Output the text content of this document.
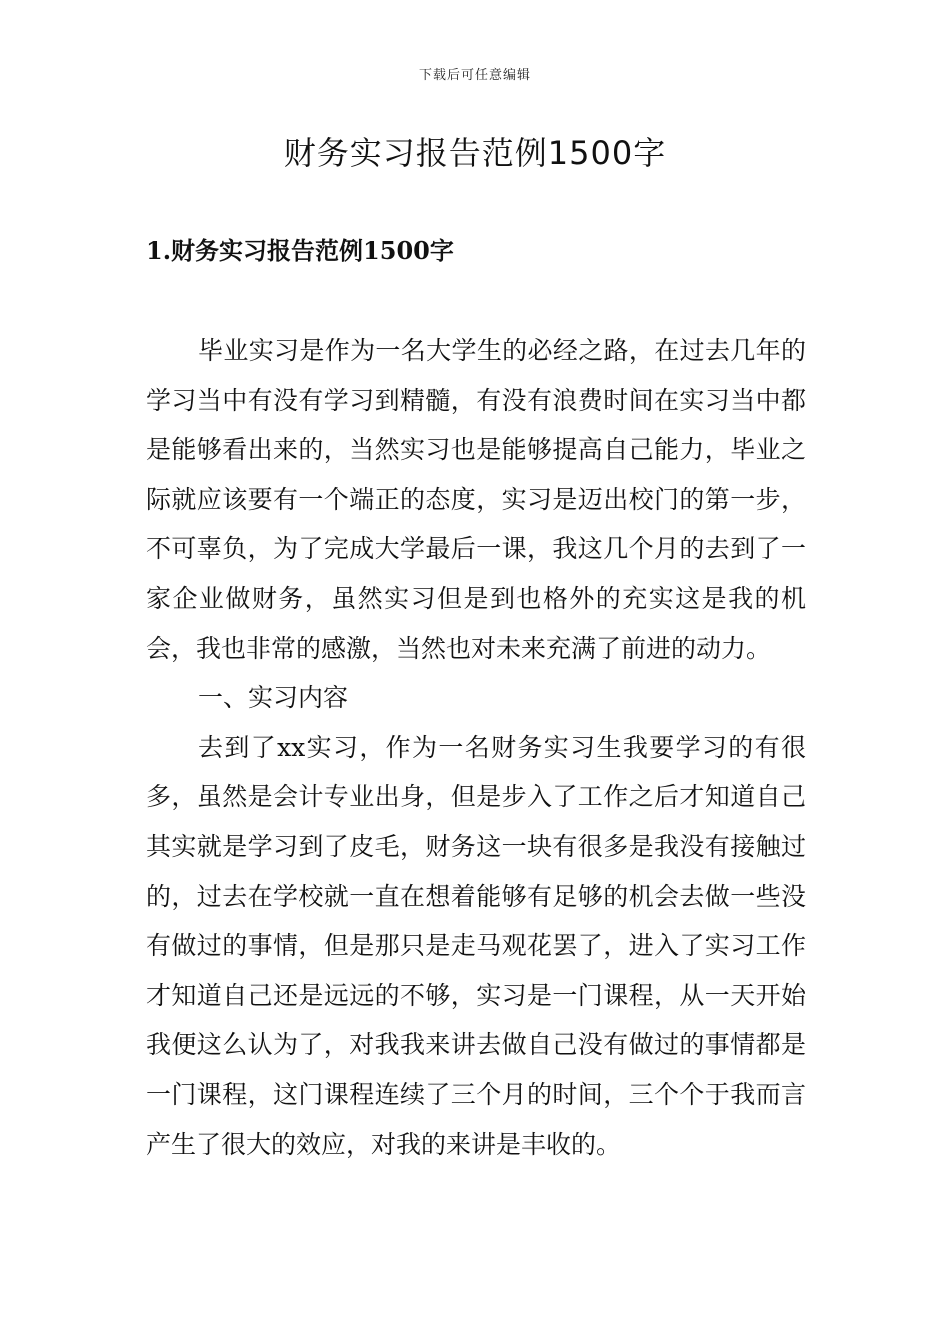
下载后可任意编辑
财务实习报告范例1500字
1.财务实习报告范例1500字

毕业实习是作为一名大学生的必经之路，在过去几年的学习当中有没有学习到精髓，有没有浪费时间在实习当中都是能够看出来的，当然实习也是能够提高自己能力，毕业之际就应该要有一个端正的态度，实习是迈出校门的第一步，不可辜负，为了完成大学最后一课，我这几个月的去到了一家企业做财务，虽然实习但是到也格外的充实这是我的机会，我也非常的感激，当然也对未来充满了前进的动力。

一、实习内容

去到了xx实习，作为一名财务实习生我要学习的有很多，虽然是会计专业出身，但是步入了工作之后才知道自己其实就是学习到了皮毛，财务这一块有很多是我没有接触过的，过去在学校就一直在想着能够有足够的机会去做一些没有做过的事情，但是那只是走马观花罢了，进入了实习工作才知道自己还是远远的不够，实习是一门课程，从一天开始我便这么认为了，对我我来讲去做自己没有做过的事情都是一门课程，这门课程连续了三个月的时间，三个个于我而言产生了很大的效应，对我的来讲是丰收的。
